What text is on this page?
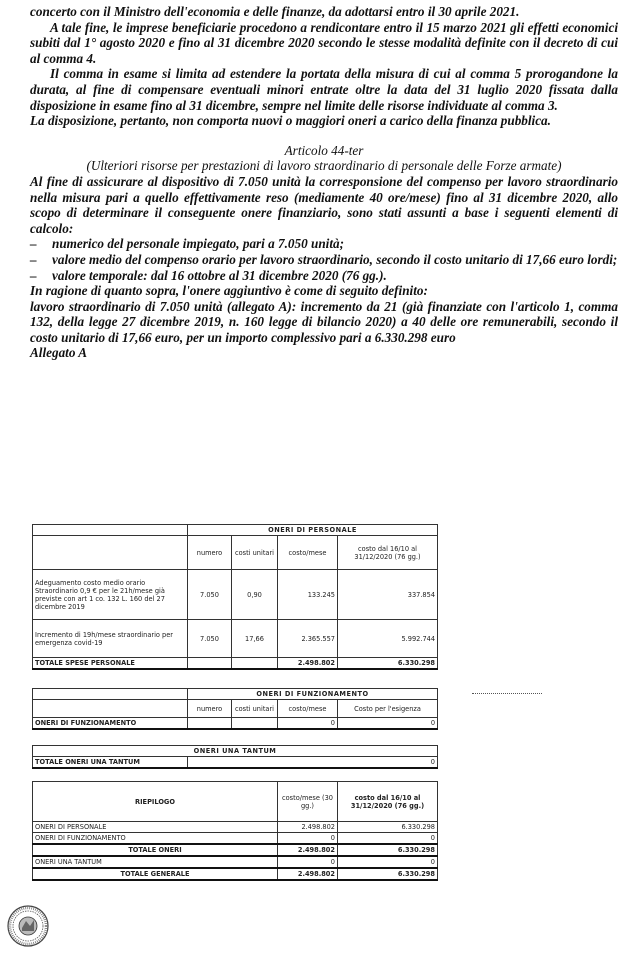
concerto con il Ministro dell'economia e delle finanze, da adottarsi entro il 30 aprile 2021.

A tale fine, le imprese beneficiarie procedono a rendicontare entro il 15 marzo 2021 gli effetti economici subiti dal 1° agosto 2020 e fino al 31 dicembre 2020 secondo le stesse modalità definite con il decreto di cui al comma 4.

Il comma in esame si limita ad estendere la portata della misura di cui al comma 5 prorogandone la durata, al fine di compensare eventuali minori entrate oltre la data del 31 luglio 2020 fissata dalla disposizione in esame fino al 31 dicembre, sempre nel limite delle risorse individuate al comma 3.

La disposizione, pertanto, non comporta nuovi o maggiori oneri a carico della finanza pubblica.

Articolo 44-ter

(Ulteriori risorse per prestazioni di lavoro straordinario di personale delle Forze armate)

Al fine di assicurare al dispositivo di 7.050 unità la corresponsione del compenso per lavoro straordinario nella misura pari a quello effettivamente reso (mediamente 40 ore/mese) fino al 31 dicembre 2020, allo scopo di determinare il conseguente onere finanziario, sono stati assunti a base i seguenti elementi di calcolo:

–	numerico del personale impiegato, pari a 7.050 unità;
–	valore medio del compenso orario per lavoro straordinario, secondo il costo unitario di 17,66 euro lordi;
–	valore temporale: dal 16 ottobre al 31 dicembre 2020 (76 gg.).

In ragione di quanto sopra, l'onere aggiuntivo è come di seguito definito:

lavoro straordinario di 7.050 unità (allegato A): incremento da 21 (già finanziate con l'articolo 1, comma 132, della legge 27 dicembre 2019, n. 160 legge di bilancio 2020) a 40 delle ore remunerabili, secondo il costo unitario di 17,66 euro, per un importo complessivo pari a 6.330.298 euro

Allegato A

	ONERI DI PERSONALE			
	numero	costi unitari	costo/mese	costo dal 16/10 al 31/12/2020 (76 gg.)
Adeguamento costo medio orario Straordinario 0,9 € per le 21h/mese già previste con art 1 co. 132 L. 160 del 27 dicembre 2019	7.050	0,90	133.245	337.854
Incremento di 19h/mese straordinario per emergenza covid-19	7.050	17,66	2.365.557	5.992.744
TOTALE SPESE PERSONALE			2.498.802	6.330.298
	ONERI DI FUNZIONAMENTO			
	numero	costi unitari	costo/mese	Costo per l'esigenza
ONERI DI FUNZIONAMENTO			0	0
ONERI UNA TANTUM
TOTALE ONERI UNA TANTUM	0
RIEPILOGO	costo/mese (30 gg.)	costo dal 16/10 al 31/12/2020 (76 gg.)
ONERI DI PERSONALE	2.498.802	6.330.298
ONERI DI FUNZIONAMENTO	0	0
TOTALE ONERI	2.498.802	6.330.298
ONERI UNA TANTUM	0	0
TOTALE GENERALE	2.498.802	6.330.298
